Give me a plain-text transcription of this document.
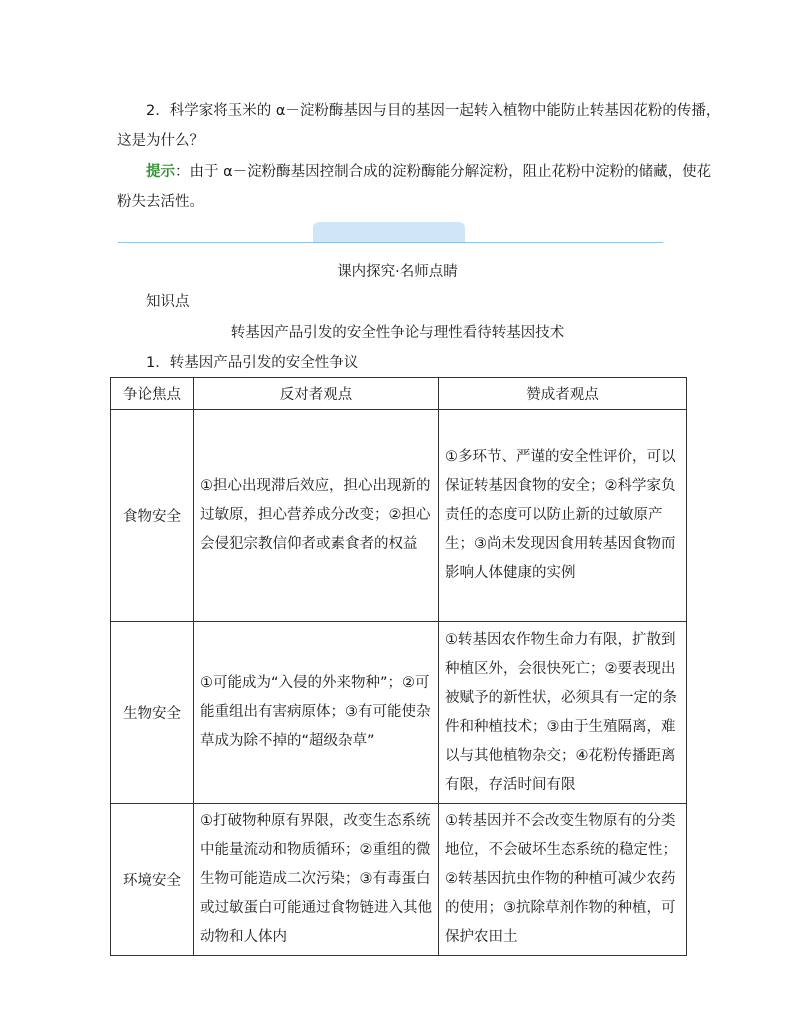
2．科学家将玉米的 α－淀粉酶基因与目的基因一起转入植物中能防止转基因花粉的传播，
这是为什么？
提示：由于 α－淀粉酶基因控制合成的淀粉酶能分解淀粉，阻止花粉中淀粉的储藏，使花
粉失去活性。
课内探究·名师点睛
知识点
转基因产品引发的安全性争论与理性看待转基因技术
1．转基因产品引发的安全性争议
争论焦点	反对者观点	赞成者观点
食物安全	①担心出现滞后效应，担心出现新的过敏原，担心营养成分改变；②担心会侵犯宗教信仰者或素食者的权益	①多环节、严谨的安全性评价，可以保证转基因食物的安全；②科学家负责任的态度可以防止新的过敏原产生；③尚未发现因食用转基因食物而影响人体健康的实例

生物安全	①可能成为“入侵的外来物种”；②可能重组出有害病原体；③有可能使杂草成为除不掉的“超级杂草”	①转基因农作物生命力有限，扩散到种植区外，会很快死亡；②要表现出被赋予的新性状，必须具有一定的条件和种植技术；③由于生殖隔离，难以与其他植物杂交；④花粉传播距离有限，存活时间有限

环境安全	①打破物种原有界限，改变生态系统中能量流动和物质循环；②重组的微生物可能造成二次污染；③有毒蛋白或过敏蛋白可能通过食物链进入其他动物和人体内	①转基因并不会改变生物原有的分类地位，不会破坏生态系统的稳定性；②转基因抗虫作物的种植可减少农药的使用；③抗除草剂作物的种植，可保护农田土
